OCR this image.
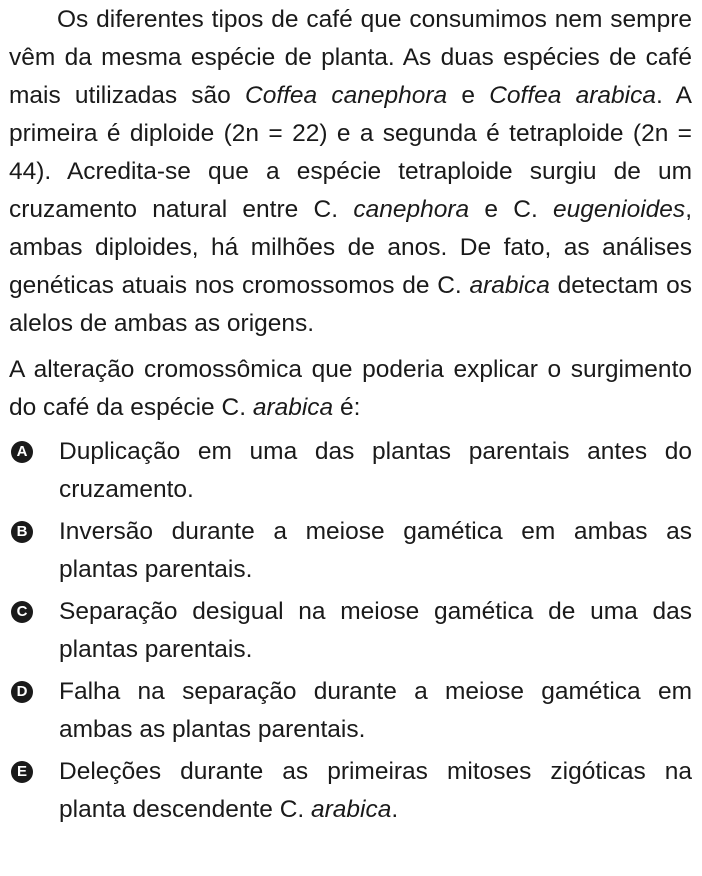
Os diferentes tipos de café que consumimos nem sempre vêm da mesma espécie de planta. As duas espécies de café mais utilizadas são Coffea canephora e Coffea arabica. A primeira é diploide (2n = 22) e a segunda é tetraploide (2n = 44). Acredita-se que a espécie tetraploide surgiu de um cruzamento natural entre C. canephora e C. eugenioides, ambas diploides, há milhões de anos. De fato, as análises genéticas atuais nos cromossomos de C. arabica detectam os alelos de ambas as origens.

A alteração cromossômica que poderia explicar o surgimento do café da espécie C. arabica é:

A Duplicação em uma das plantas parentais antes do cruzamento.
B Inversão durante a meiose gamética em ambas as plantas parentais.
C Separação desigual na meiose gamética de uma das plantas parentais.
D Falha na separação durante a meiose gamética em ambas as plantas parentais.
E Deleções durante as primeiras mitoses zigóticas na planta descendente C. arabica.
